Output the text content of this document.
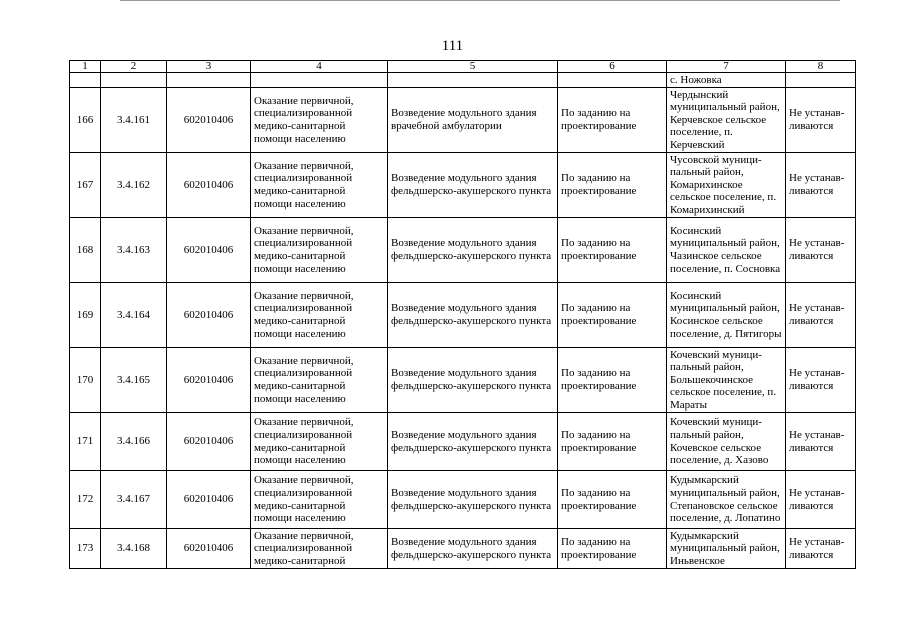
111
1	2	3	4	5	6	7	8
						с. Ножовка	
166	3.4.161	602010406	Оказание первичной, специализированной медико-санитарной помощи населению	Возведение модульного здания врачебной амбулатории	По заданию на проектирование	Чердынский муниципальный район, Керчевское сельское поселение, п. Керчевский	Не устанав-ливаются
167	3.4.162	602010406	Оказание первичной, специализированной медико-санитарной помощи населению	Возведение модульного здания фельдшерско-акушерского пункта	По заданию на проектирование	Чусовской муници-пальный район, Комарихинское сельское поселение, п. Комарихинский	Не устанав-ливаются
168	3.4.163	602010406	Оказание первичной, специализированной медико-санитарной помощи населению	Возведение модульного здания фельдшерско-акушерского пункта	По заданию на проектирование	Косинский муниципальный район, Чазинское сельское поселение, п. Сосновка	Не устанав-ливаются
169	3.4.164	602010406	Оказание первичной, специализированной медико-санитарной помощи населению	Возведение модульного здания фельдшерско-акушерского пункта	По заданию на проектирование	Косинский муниципальный район, Косинское сельское поселение, д. Пятигоры	Не устанав-ливаются
170	3.4.165	602010406	Оказание первичной, специализированной медико-санитарной помощи населению	Возведение модульного здания фельдшерско-акушерского пункта	По заданию на проектирование	Кочевский муници-пальный район, Большекочинское сельское поселение, п. Мараты	Не устанав-ливаются
171	3.4.166	602010406	Оказание первичной, специализированной медико-санитарной помощи населению	Возведение модульного здания фельдшерско-акушерского пункта	По заданию на проектирование	Кочевский муници-пальный район, Кочевское сельское поселение, д. Хазово	Не устанав-ливаются
172	3.4.167	602010406	Оказание первичной, специализированной медико-санитарной помощи населению	Возведение модульного здания фельдшерско-акушерского пункта	По заданию на проектирование	Кудымкарский муниципальный район, Степановское сельское поселение, д. Лопатино	Не устанав-ливаются
173	3.4.168	602010406	Оказание первичной, специализированной медико-санитарной	Возведение модульного здания фельдшерско-акушерского пункта	По заданию на проектирование	Кудымкарский муниципальный район, Иньвенское	Не устанав-ливаются
